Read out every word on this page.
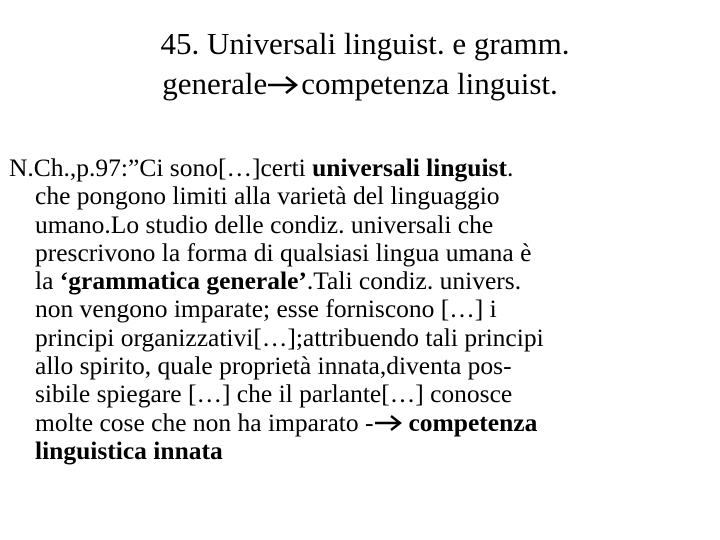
45. Universali linguist. e gramm.
generale competenza linguist.
N.Ch.,p.97:”Ci sono[…]certi universali linguist.
che pongono limiti alla varietà del linguaggio
umano.Lo studio delle condiz. universali che
prescrivono la forma di qualsiasi lingua umana è
la ‘grammatica generale’.Tali condiz. univers.
non vengono imparate; esse forniscono […] i
principi organizzativi[…];attribuendo tali principi
allo spirito, quale proprietà innata,diventa pos-
sibile spiegare […] che il parlante[…] conosce
molte cose che non ha imparato - competenza
linguistica innata
